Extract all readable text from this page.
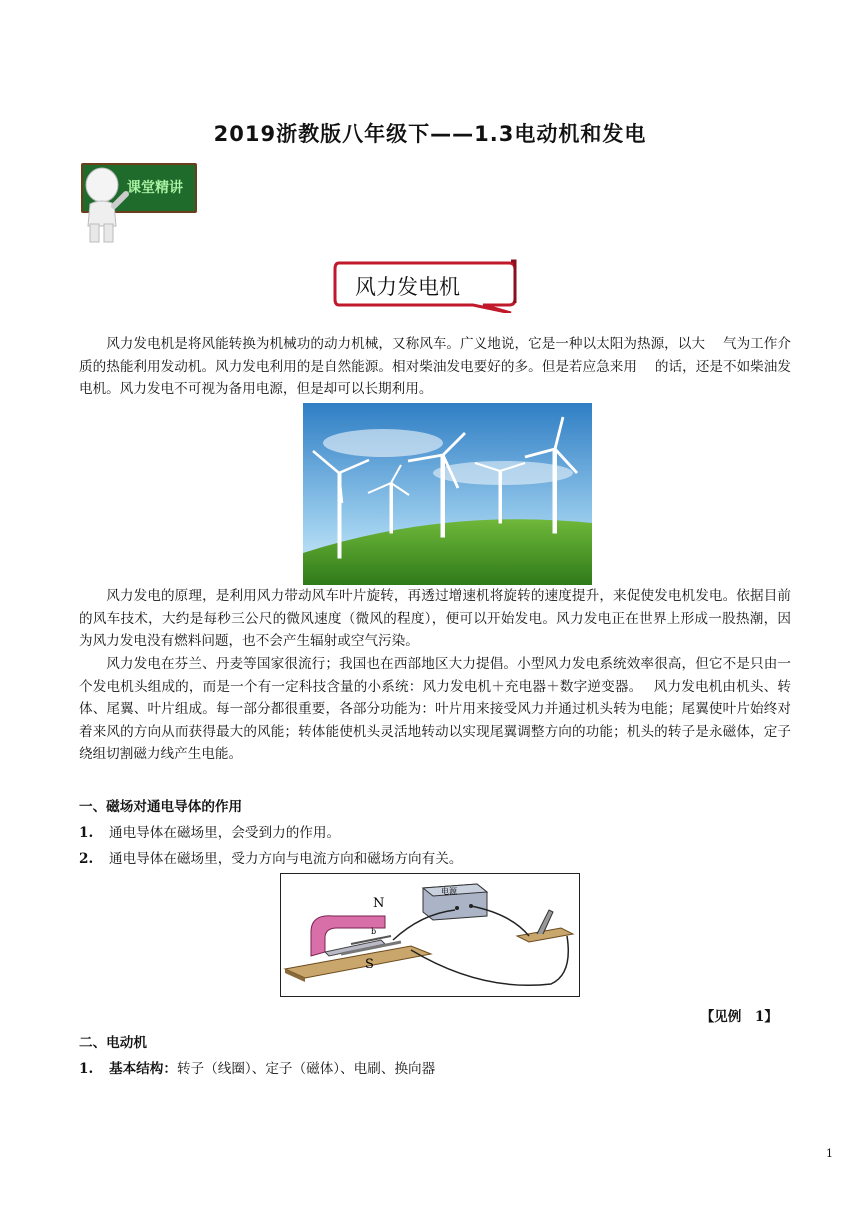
2019浙教版八年级下——1.3电动机和发电
课堂精讲
风力发电机

风力发电机是将风能转换为机械功的动力机械，又称风车。广义地说，它是一种以太阳为热源，以大　 气为工作介质的热能利用发动机。风力发电利用的是自然能源。相对柴油发电要好的多。但是若应急来用　 的话，还是不如柴油发电机。风力发电不可视为备用电源，但是却可以长期利用。

风力发电的原理，是利用风力带动风车叶片旋转，再透过增速机将旋转的速度提升，来促使发电机发电。依据目前的风车技术，大约是每秒三公尺的微风速度（微风的程度），便可以开始发电。风力发电正在世界上形成一股热潮，因为风力发电没有燃料问题，也不会产生辐射或空气污染。

风力发电在芬兰、丹麦等国家很流行；我国也在西部地区大力提倡。小型风力发电系统效率很高，但它不是只由一个发电机头组成的，而是一个有一定科技含量的小系统：风力发电机＋充电器＋数字逆变器。　 风力发电机由机头、转体、尾翼、叶片组成。每一部分都很重要，各部分功能为：叶片用来接受风力并通过机头转为电能；尾翼使叶片始终对着来风的方向从而获得最大的风能；转体能使机头灵活地转动以实现尾翼调整方向的功能；机头的转子是永磁体，定子绕组切割磁力线产生电能。

一、磁场对通电导体的作用
1. 通电导体在磁场里，会受到力的作用。
2. 通电导体在磁场里，受力方向与电流方向和磁场方向有关。
N
S
b
电源
【见例　1】
二、电动机
1. 基本结构：转子（线圈）、定子（磁体）、电刷、换向器
1
